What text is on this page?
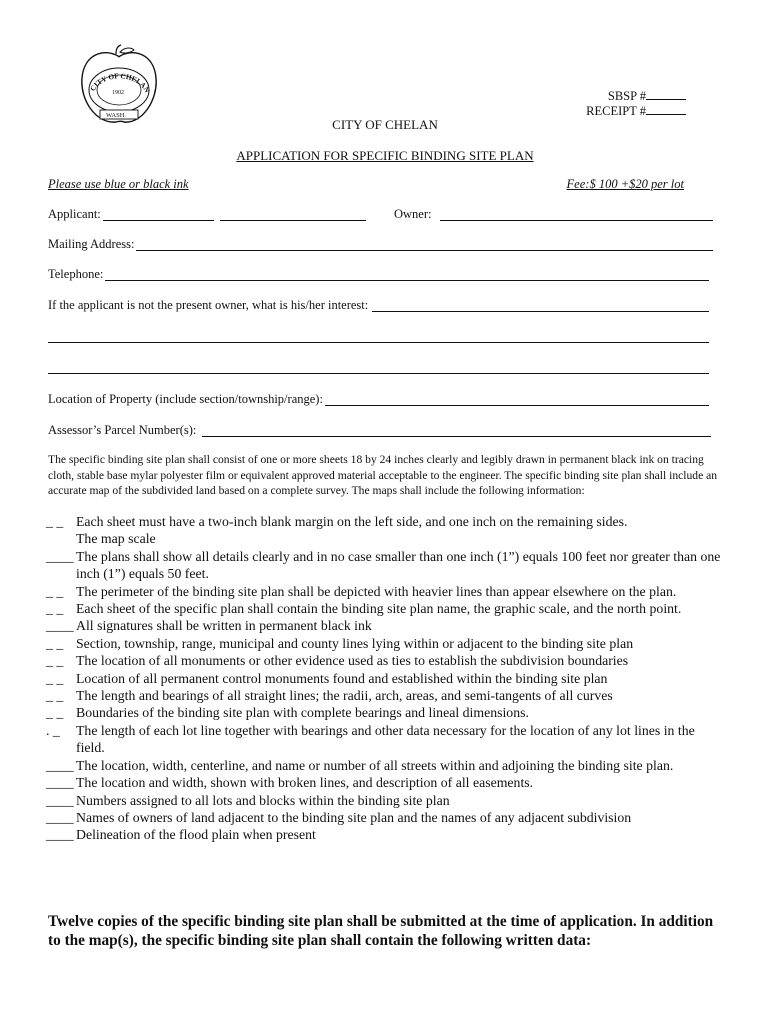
CITY OF CHELAN
1902
WASH.
SBSP #
RECEIPT #
CITY OF CHELAN
APPLICATION FOR SPECIFIC BINDING SITE PLAN
Please use blue or black ink	Fee:$ 100 +$20 per lot
Applicant:	Owner:
Mailing Address:
Telephone:
If the applicant is not the present owner, what is his/her interest:
Location of Property (include section/township/range):
Assessor’s Parcel Number(s):
The specific binding site plan shall consist of one or more sheets 18 by 24 inches clearly and legibly drawn in permanent black ink on tracing cloth, stable base mylar polyester film or equivalent approved material acceptable to the engineer. The specific binding site plan shall include an accurate map of the subdivided land based on a complete survey. The maps shall include the following information:
_ _ Each sheet must have a two-inch blank margin on the left side, and one inch on the remaining sides.
The map scale
____ The plans shall show all details clearly and in no case smaller than one inch (1”) equals 100 feet nor greater than one inch (1”) equals 50 feet.
_ _ The perimeter of the binding site plan shall be depicted with heavier lines than appear elsewhere on the plan.
_ _ Each sheet of the specific plan shall contain the binding site plan name, the graphic scale, and the north point.
____ All signatures shall be written in permanent black ink
_ _ Section, township, range, municipal and county lines lying within or adjacent to the binding site plan
_ _ The location of all monuments or other evidence used as ties to establish the subdivision boundaries
_ _ Location of all permanent control monuments found and established within the binding site plan
_ _ The length and bearings of all straight lines; the radii, arch, areas, and semi-tangents of all curves
_ _ Boundaries of the binding site plan with complete bearings and lineal dimensions.
. _	The length of each lot line together with bearings and other data necessary for the location of any lot lines in the field.
____ The location, width, centerline, and name or number of all streets within and adjoining the binding site plan.
____ The location and width, shown with broken lines, and description of all easements.
____ Numbers assigned to all lots and blocks within the binding site plan
____ Names of owners of land adjacent to the binding site plan and the names of any adjacent subdivision
____ Delineation of the flood plain when present
Twelve copies of the specific binding site plan shall be submitted at the time of application. In addition to the map(s), the specific binding site plan shall contain the following written data:
